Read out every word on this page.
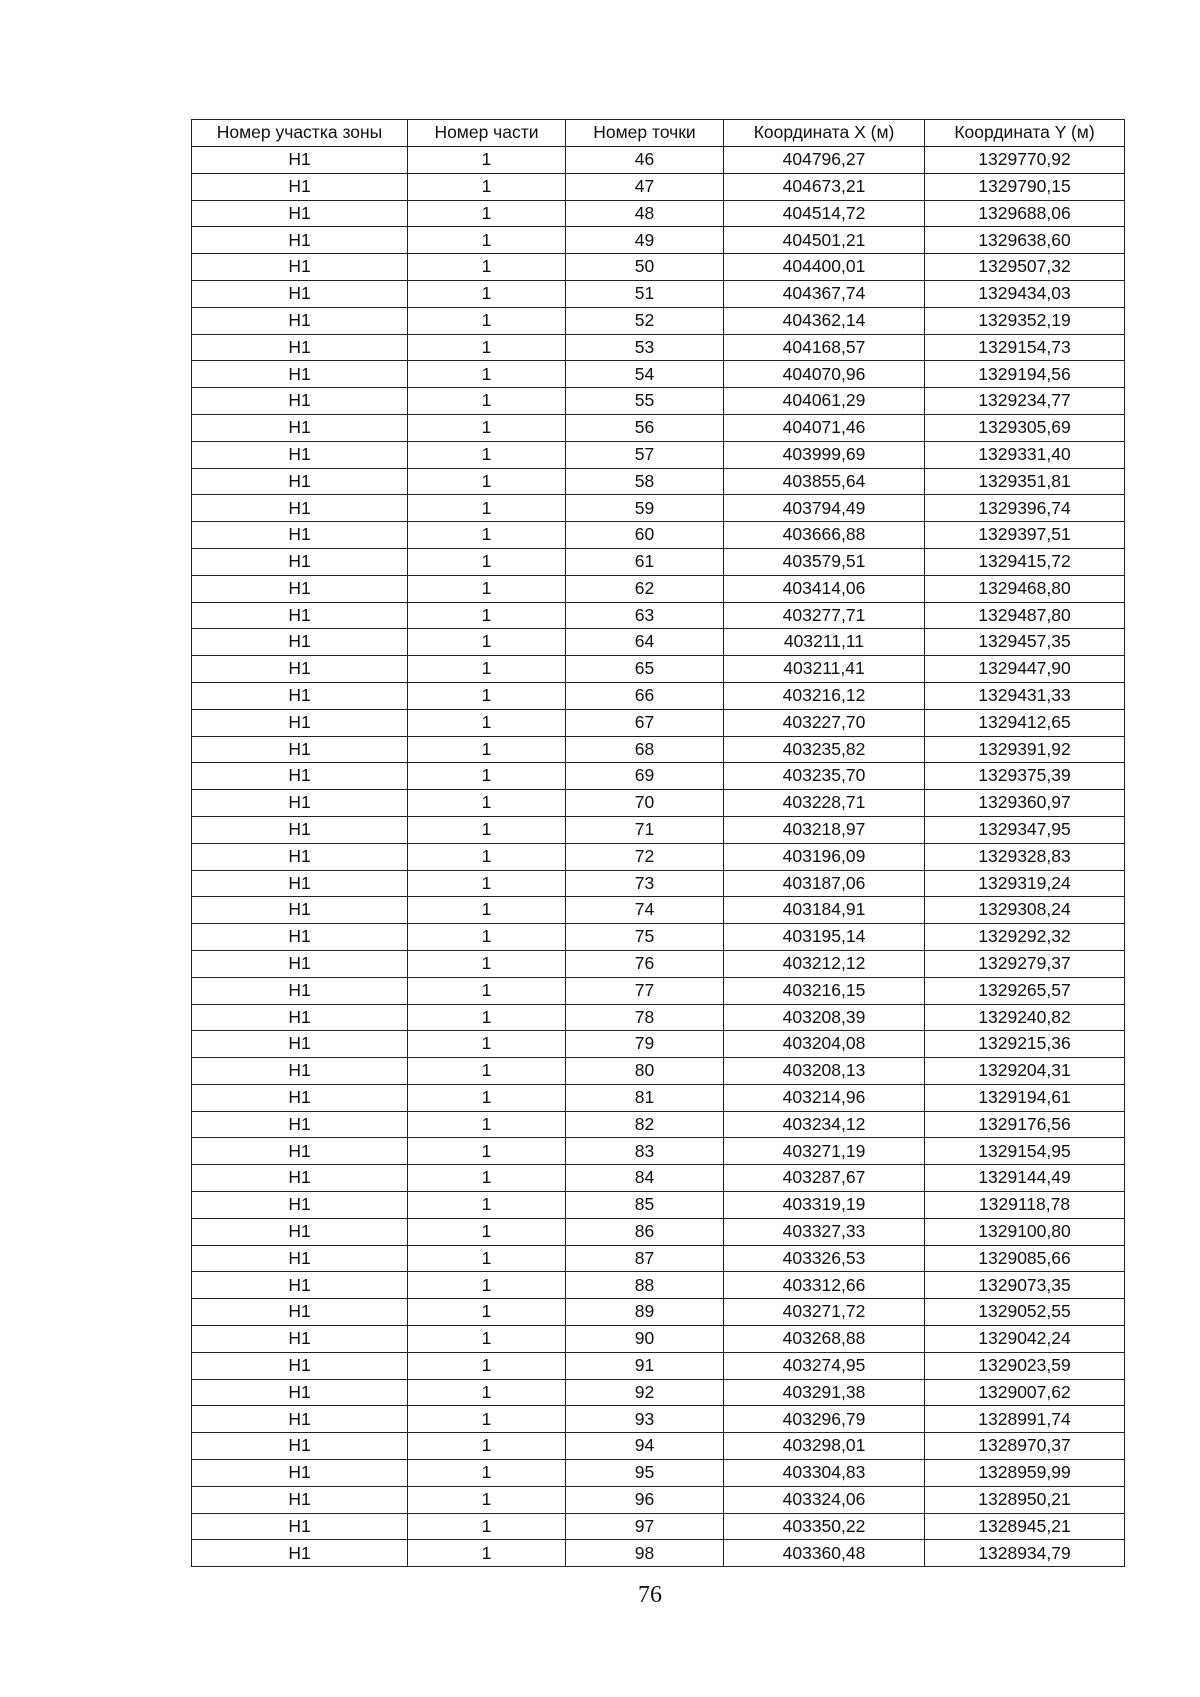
Номер участка зоны	Номер части	Номер точки	Координата X (м)	Координата Y (м)
Н1	1	46	404796,27	1329770,92
Н1	1	47	404673,21	1329790,15
Н1	1	48	404514,72	1329688,06
Н1	1	49	404501,21	1329638,60
Н1	1	50	404400,01	1329507,32
Н1	1	51	404367,74	1329434,03
Н1	1	52	404362,14	1329352,19
Н1	1	53	404168,57	1329154,73
Н1	1	54	404070,96	1329194,56
Н1	1	55	404061,29	1329234,77
Н1	1	56	404071,46	1329305,69
Н1	1	57	403999,69	1329331,40
Н1	1	58	403855,64	1329351,81
Н1	1	59	403794,49	1329396,74
Н1	1	60	403666,88	1329397,51
Н1	1	61	403579,51	1329415,72
Н1	1	62	403414,06	1329468,80
Н1	1	63	403277,71	1329487,80
Н1	1	64	403211,11	1329457,35
Н1	1	65	403211,41	1329447,90
Н1	1	66	403216,12	1329431,33
Н1	1	67	403227,70	1329412,65
Н1	1	68	403235,82	1329391,92
Н1	1	69	403235,70	1329375,39
Н1	1	70	403228,71	1329360,97
Н1	1	71	403218,97	1329347,95
Н1	1	72	403196,09	1329328,83
Н1	1	73	403187,06	1329319,24
Н1	1	74	403184,91	1329308,24
Н1	1	75	403195,14	1329292,32
Н1	1	76	403212,12	1329279,37
Н1	1	77	403216,15	1329265,57
Н1	1	78	403208,39	1329240,82
Н1	1	79	403204,08	1329215,36
Н1	1	80	403208,13	1329204,31
Н1	1	81	403214,96	1329194,61
Н1	1	82	403234,12	1329176,56
Н1	1	83	403271,19	1329154,95
Н1	1	84	403287,67	1329144,49
Н1	1	85	403319,19	1329118,78
Н1	1	86	403327,33	1329100,80
Н1	1	87	403326,53	1329085,66
Н1	1	88	403312,66	1329073,35
Н1	1	89	403271,72	1329052,55
Н1	1	90	403268,88	1329042,24
Н1	1	91	403274,95	1329023,59
Н1	1	92	403291,38	1329007,62
Н1	1	93	403296,79	1328991,74
Н1	1	94	403298,01	1328970,37
Н1	1	95	403304,83	1328959,99
Н1	1	96	403324,06	1328950,21
Н1	1	97	403350,22	1328945,21
Н1	1	98	403360,48	1328934,79
76
